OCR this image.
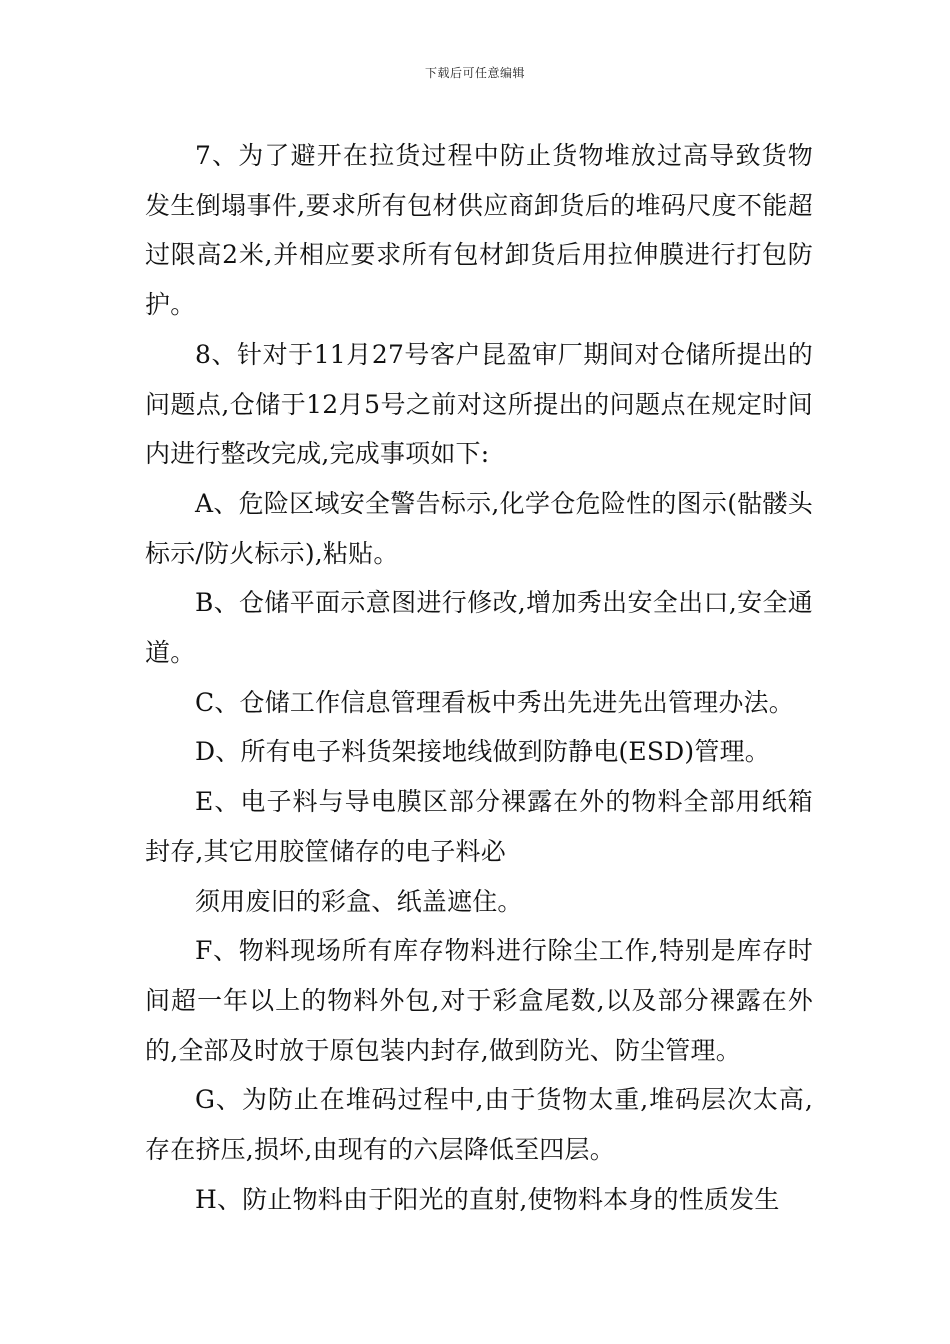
下载后可任意编辑

7、为了避开在拉货过程中防止货物堆放过高导致货物发生倒塌事件,要求所有包材供应商卸货后的堆码尺度不能超过限高2米,并相应要求所有包材卸货后用拉伸膜进行打包防护。

8、针对于11月27号客户昆盈审厂期间对仓储所提出的问题点,仓储于12月5号之前对这所提出的问题点在规定时间内进行整改完成,完成事项如下:

A、危险区域安全警告标示,化学仓危险性的图示(骷髅头标示/防火标示),粘贴。

B、仓储平面示意图进行修改,增加秀出安全出口,安全通道。

C、仓储工作信息管理看板中秀出先进先出管理办法。

D、所有电子料货架接地线做到防静电(ESD)管理。

E、电子料与导电膜区部分裸露在外的物料全部用纸箱封存,其它用胶筐储存的电子料必

须用废旧的彩盒、纸盖遮住。

F、物料现场所有库存物料进行除尘工作,特别是库存时间超一年以上的物料外包,对于彩盒尾数,以及部分裸露在外的,全部及时放于原包装内封存,做到防光、防尘管理。

G、为防止在堆码过程中,由于货物太重,堆码层次太高,存在挤压,损坏,由现有的六层降低至四层。

H、防止物料由于阳光的直射,使物料本身的性质发生
